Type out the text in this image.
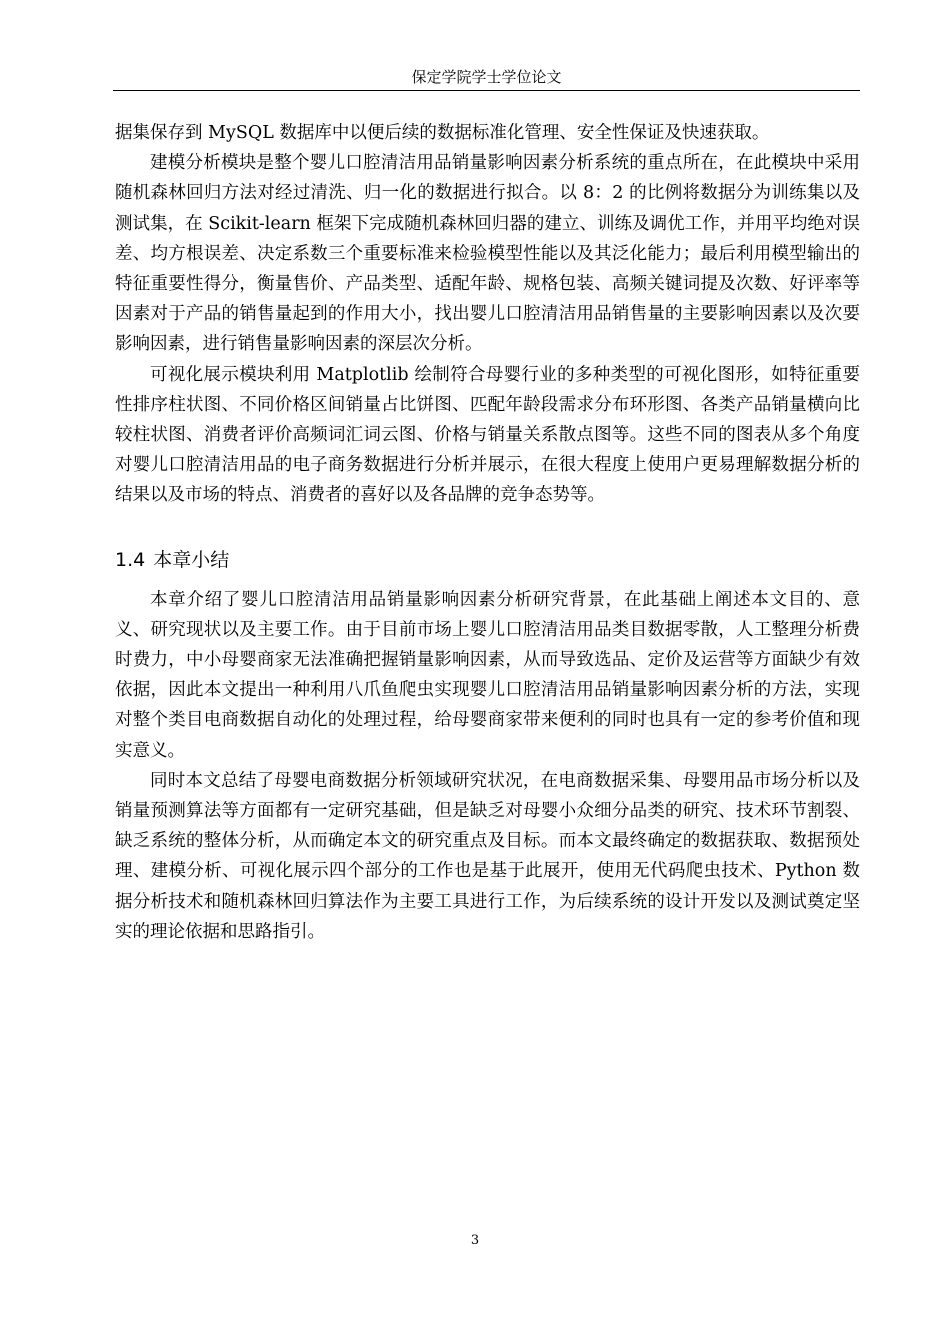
保定学院学士学位论文

据集保存到 MySQL 数据库中以便后续的数据标准化管理、安全性保证及快速获取。

建模分析模块是整个婴儿口腔清洁用品销量影响因素分析系统的重点所在，在此模块中采用随机森林回归方法对经过清洗、归一化的数据进行拟合。以 8：2 的比例将数据分为训练集以及测试集，在 Scikit-learn 框架下完成随机森林回归器的建立、训练及调优工作，并用平均绝对误差、均方根误差、决定系数三个重要标准来检验模型性能以及其泛化能力；最后利用模型输出的特征重要性得分，衡量售价、产品类型、适配年龄、规格包装、高频关键词提及次数、好评率等因素对于产品的销售量起到的作用大小，找出婴儿口腔清洁用品销售量的主要影响因素以及次要影响因素，进行销售量影响因素的深层次分析。

可视化展示模块利用 Matplotlib 绘制符合母婴行业的多种类型的可视化图形，如特征重要性排序柱状图、不同价格区间销量占比饼图、匹配年龄段需求分布环形图、各类产品销量横向比较柱状图、消费者评价高频词汇词云图、价格与销量关系散点图等。这些不同的图表从多个角度对婴儿口腔清洁用品的电子商务数据进行分析并展示，在很大程度上使用户更易理解数据分析的结果以及市场的特点、消费者的喜好以及各品牌的竞争态势等。

1.4 本章小结

本章介绍了婴儿口腔清洁用品销量影响因素分析研究背景，在此基础上阐述本文目的、意义、研究现状以及主要工作。由于目前市场上婴儿口腔清洁用品类目数据零散，人工整理分析费时费力，中小母婴商家无法准确把握销量影响因素，从而导致选品、定价及运营等方面缺少有效依据，因此本文提出一种利用八爪鱼爬虫实现婴儿口腔清洁用品销量影响因素分析的方法，实现对整个类目电商数据自动化的处理过程，给母婴商家带来便利的同时也具有一定的参考价值和现实意义。

同时本文总结了母婴电商数据分析领域研究状况，在电商数据采集、母婴用品市场分析以及销量预测算法等方面都有一定研究基础，但是缺乏对母婴小众细分品类的研究、技术环节割裂、缺乏系统的整体分析，从而确定本文的研究重点及目标。而本文最终确定的数据获取、数据预处理、建模分析、可视化展示四个部分的工作也是基于此展开，使用无代码爬虫技术、Python 数据分析技术和随机森林回归算法作为主要工具进行工作，为后续系统的设计开发以及测试奠定坚实的理论依据和思路指引。

3
